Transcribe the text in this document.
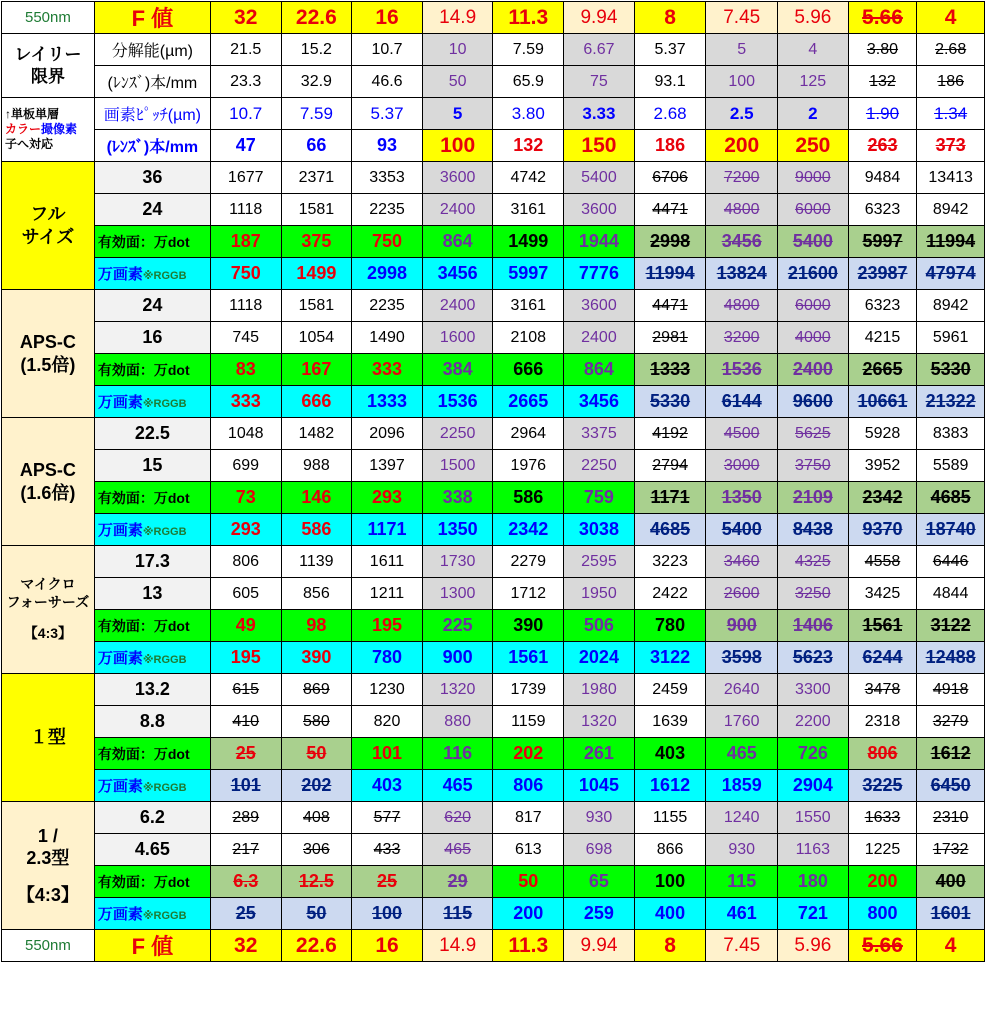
550nm	F 値	32	22.6	16	14.9	11.3	9.94	8	7.45	5.96	5.66	4

レイリー
限界	分解能(µm)	21.5	15.2	10.7	10	7.59	6.67	5.37	5	4	3.80	2.68
	(ﾚﾝｽﾞ)本/mm	23.3	32.9	46.6	50	65.9	75	93.1	100	125	132	186

↑単板単層
カラー撮像素
子へ対応	画素ﾋﾟｯﾁ(µm)	10.7	7.59	5.37	5	3.80	3.33	2.68	2.5	2	1.90	1.34
	(ﾚﾝｽﾞ)本/mm	47	66	93	100	132	150	186	200	250	263	373

フル
サイズ	36	1677	2371	3353	3600	4742	5400	6706	7200	9000	9484	13413
	24	1118	1581	2235	2400	3161	3600	4471	4800	6000	6323	8942
	有効面：万dot	187	375	750	864	1499	1944	2998	3456	5400	5997	11994
	万画素※RGGB	750	1499	2998	3456	5997	7776	11994	13824	21600	23987	47974

APS-C
(1.5倍)	24	1118	1581	2235	2400	3161	3600	4471	4800	6000	6323	8942
	16	745	1054	1490	1600	2108	2400	2981	3200	4000	4215	5961
	有効面：万dot	83	167	333	384	666	864	1333	1536	2400	2665	5330
	万画素※RGGB	333	666	1333	1536	2665	3456	5330	6144	9600	10661	21322

APS-C
(1.6倍)	22.5	1048	1482	2096	2250	2964	3375	4192	4500	5625	5928	8383
	15	699	988	1397	1500	1976	2250	2794	3000	3750	3952	5589
	有効面：万dot	73	146	293	338	586	759	1171	1350	2109	2342	4685
	万画素※RGGB	293	586	1171	1350	2342	3038	4685	5400	8438	9370	18740

マイクロ
フォーサーズ
【4:3】	17.3	806	1139	1611	1730	2279	2595	3223	3460	4325	4558	6446
	13	605	856	1211	1300	1712	1950	2422	2600	3250	3425	4844
	有効面：万dot	49	98	195	225	390	506	780	900	1406	1561	3122
	万画素※RGGB	195	390	780	900	1561	2024	3122	3598	5623	6244	12488

１型	13.2	615	869	1230	1320	1739	1980	2459	2640	3300	3478	4918
	8.8	410	580	820	880	1159	1320	1639	1760	2200	2318	3279
	有効面：万dot	25	50	101	116	202	261	403	465	726	806	1612
	万画素※RGGB	101	202	403	465	806	1045	1612	1859	2904	3225	6450

1 /
2.3型
【4:3】	6.2	289	408	577	620	817	930	1155	1240	1550	1633	2310
	4.65	217	306	433	465	613	698	866	930	1163	1225	1732
	有効面：万dot	6.3	12.5	25	29	50	65	100	115	180	200	400
	万画素※RGGB	25	50	100	115	200	259	400	461	721	800	1601
550nm	F 値	32	22.6	16	14.9	11.3	9.94	8	7.45	5.96	5.66	4
